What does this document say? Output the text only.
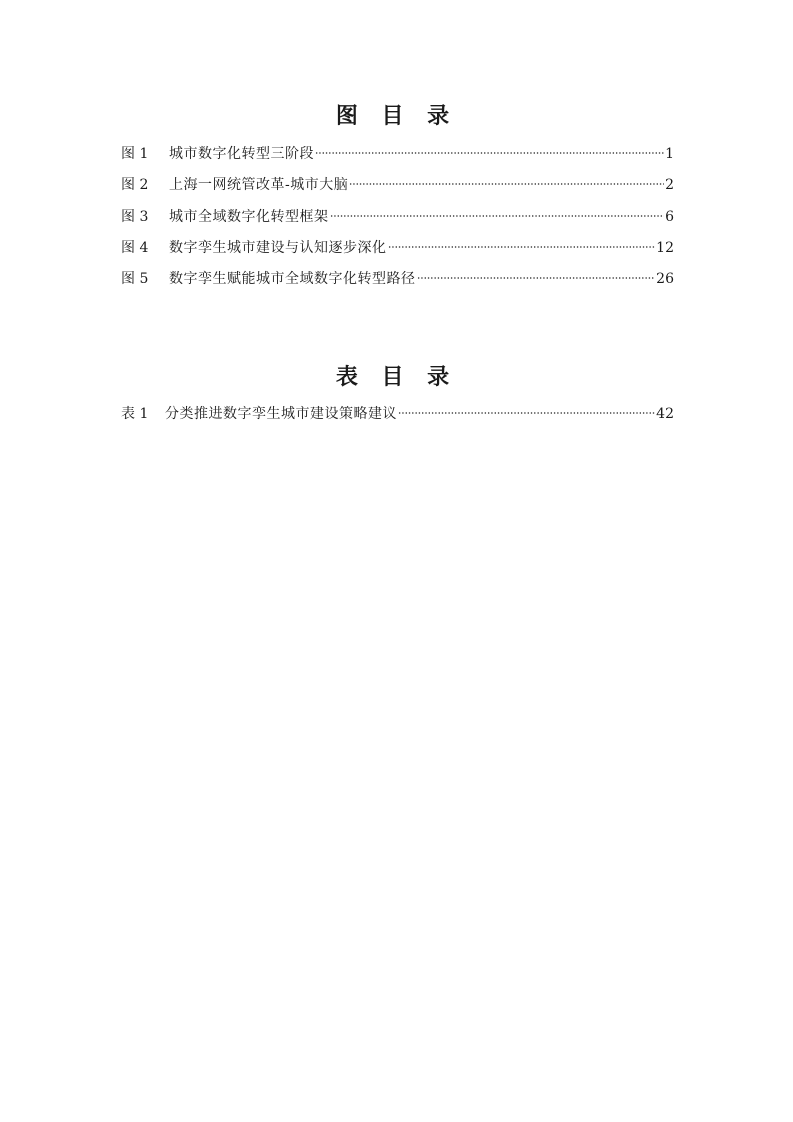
图 目 录
图 1	城市数字化转型三阶段	1
图 2	上海一网统管改革-城市大脑	2
图 3	城市全域数字化转型框架	6
图 4	数字孪生城市建设与认知逐步深化	12
图 5	数字孪生赋能城市全域数字化转型路径	26
表 目 录
表 1	分类推进数字孪生城市建设策略建议	42
